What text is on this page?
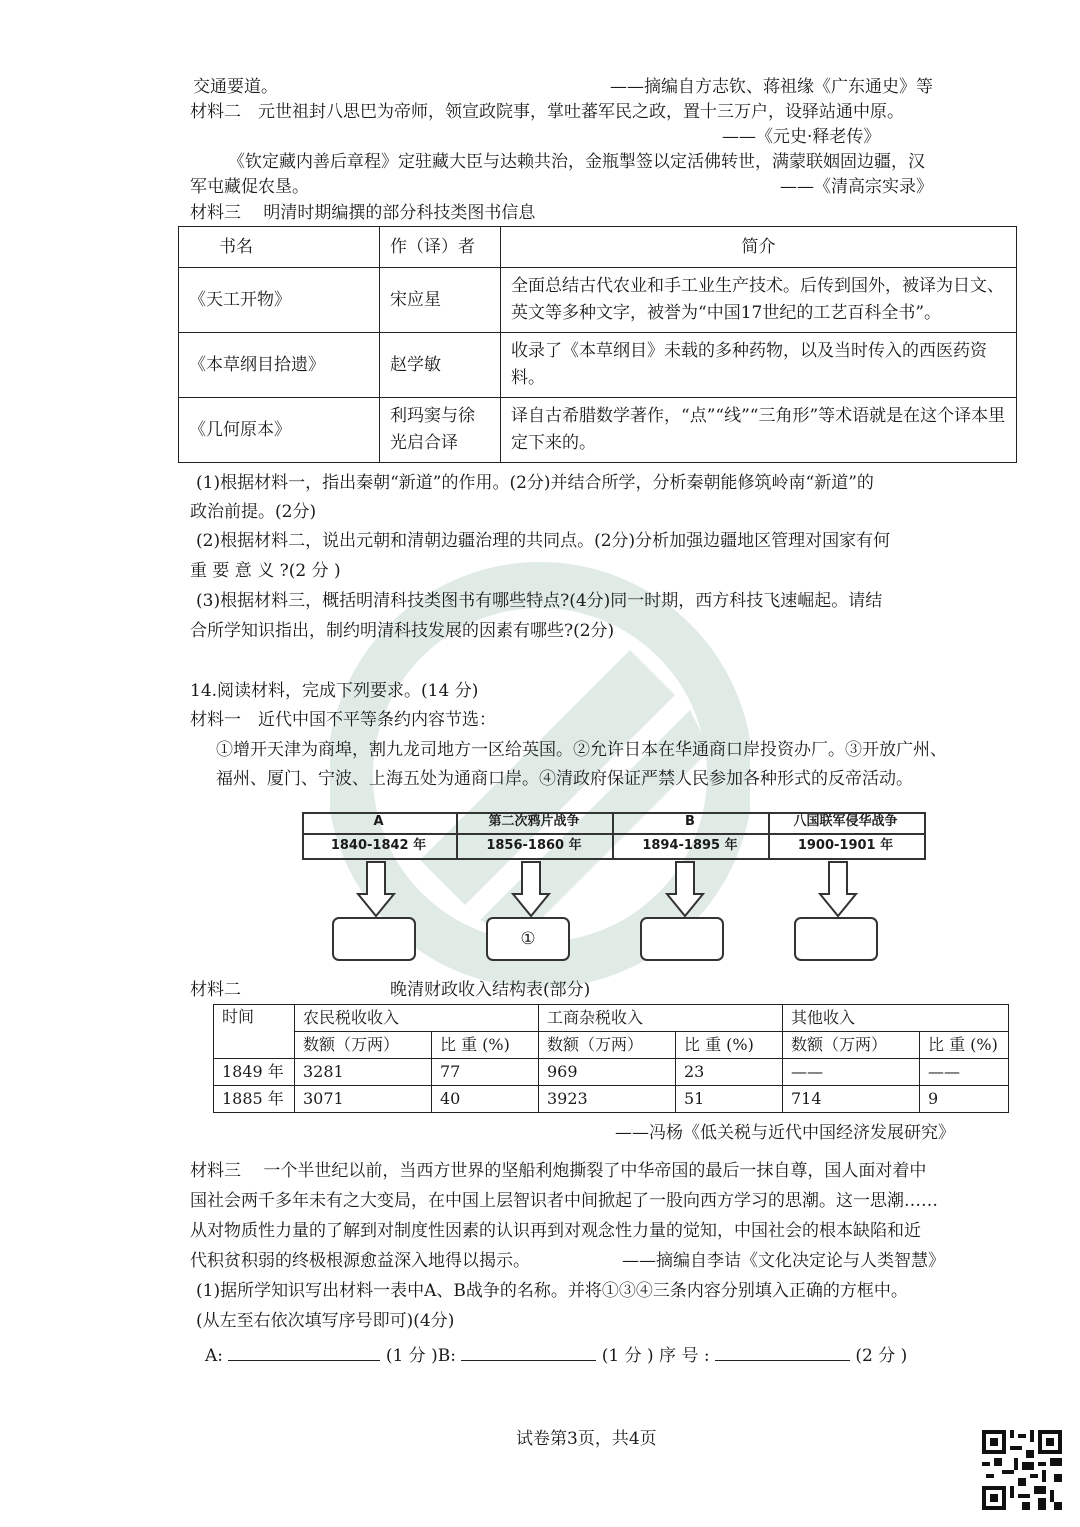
交通要道。	——摘编自方志钦、蒋祖缘《广东通史》等
材料二　元世祖封八思巴为帝师，领宣政院事，掌吐蕃军民之政，置十三万户，设驿站通中原。
——《元史·释老传》
《钦定藏内善后章程》定驻藏大臣与达赖共治，金瓶掣签以定活佛转世，满蒙联姻固边疆，汉
军屯藏促农垦。	——《清高宗实录》
材料三　 明清时期编撰的部分科技类图书信息
书名	作（译）者	简介
《天工开物》	宋应星	全面总结古代农业和手工业生产技术。后传到国外，被译为日文、英文等多种文字，被誉为“中国17世纪的工艺百科全书”。
《本草纲目拾遗》	赵学敏	收录了《本草纲目》未载的多种药物，以及当时传入的西医药资料。
《几何原本》	利玛窦与徐光启合译	译自古希腊数学著作，“点”“线”“三角形”等术语就是在这个译本里定下来的。
(1)根据材料一，指出秦朝“新道”的作用。(2分)并结合所学，分析秦朝能修筑岭南“新道”的
政治前提。(2分)
(2)根据材料二，说出元朝和清朝边疆治理的共同点。(2分)分析加强边疆地区管理对国家有何
重 要 意 义 ?(2 分 )
(3)根据材料三，概括明清科技类图书有哪些特点?(4分)同一时期，西方科技飞速崛起。请结
合所学知识指出，制约明清科技发展的因素有哪些?(2分)
14.阅读材料，完成下列要求。(14 分)
材料一　近代中国不平等条约内容节选：
①增开天津为商埠，割九龙司地方一区给英国。②允许日本在华通商口岸投资办厂。③开放广州、
福州、厦门、宁波、上海五处为通商口岸。④清政府保证严禁人民参加各种形式的反帝活动。
A	第二次鸦片战争	B	八国联军侵华战争
1840-1842 年	1856-1860 年	1894-1895 年	1900-1901 年
①
材料二	晚清财政收入结构表(部分)
时间	农民税收收入		工商杂税收入		其他收入	
	数额（万两）	比 重 (%)	数额（万两）	比 重 (%)	数额（万两）	比 重 (%)
1849 年	3281	77	969	23	——	——
1885 年	3071	40	3923	51	714	9
——冯杨《低关税与近代中国经济发展研究》
材料三　 一个半世纪以前，当西方世界的坚船利炮撕裂了中华帝国的最后一抹自尊，国人面对着中
国社会两千多年未有之大变局，在中国上层智识者中间掀起了一股向西方学习的思潮。这一思潮……
从对物质性力量的了解到对制度性因素的认识再到对观念性力量的觉知，中国社会的根本缺陷和近
代积贫积弱的终极根源愈益深入地得以揭示。	——摘编自李诘《文化决定论与人类智慧》
(1)据所学知识写出材料一表中A、B战争的名称。并将①③④三条内容分别填入正确的方框中。
(从左至右依次填写序号即可)(4分)
A:	(1 分 )B:	(1 分 ) 序 号 :	(2 分 )
试卷第3页，共4页
